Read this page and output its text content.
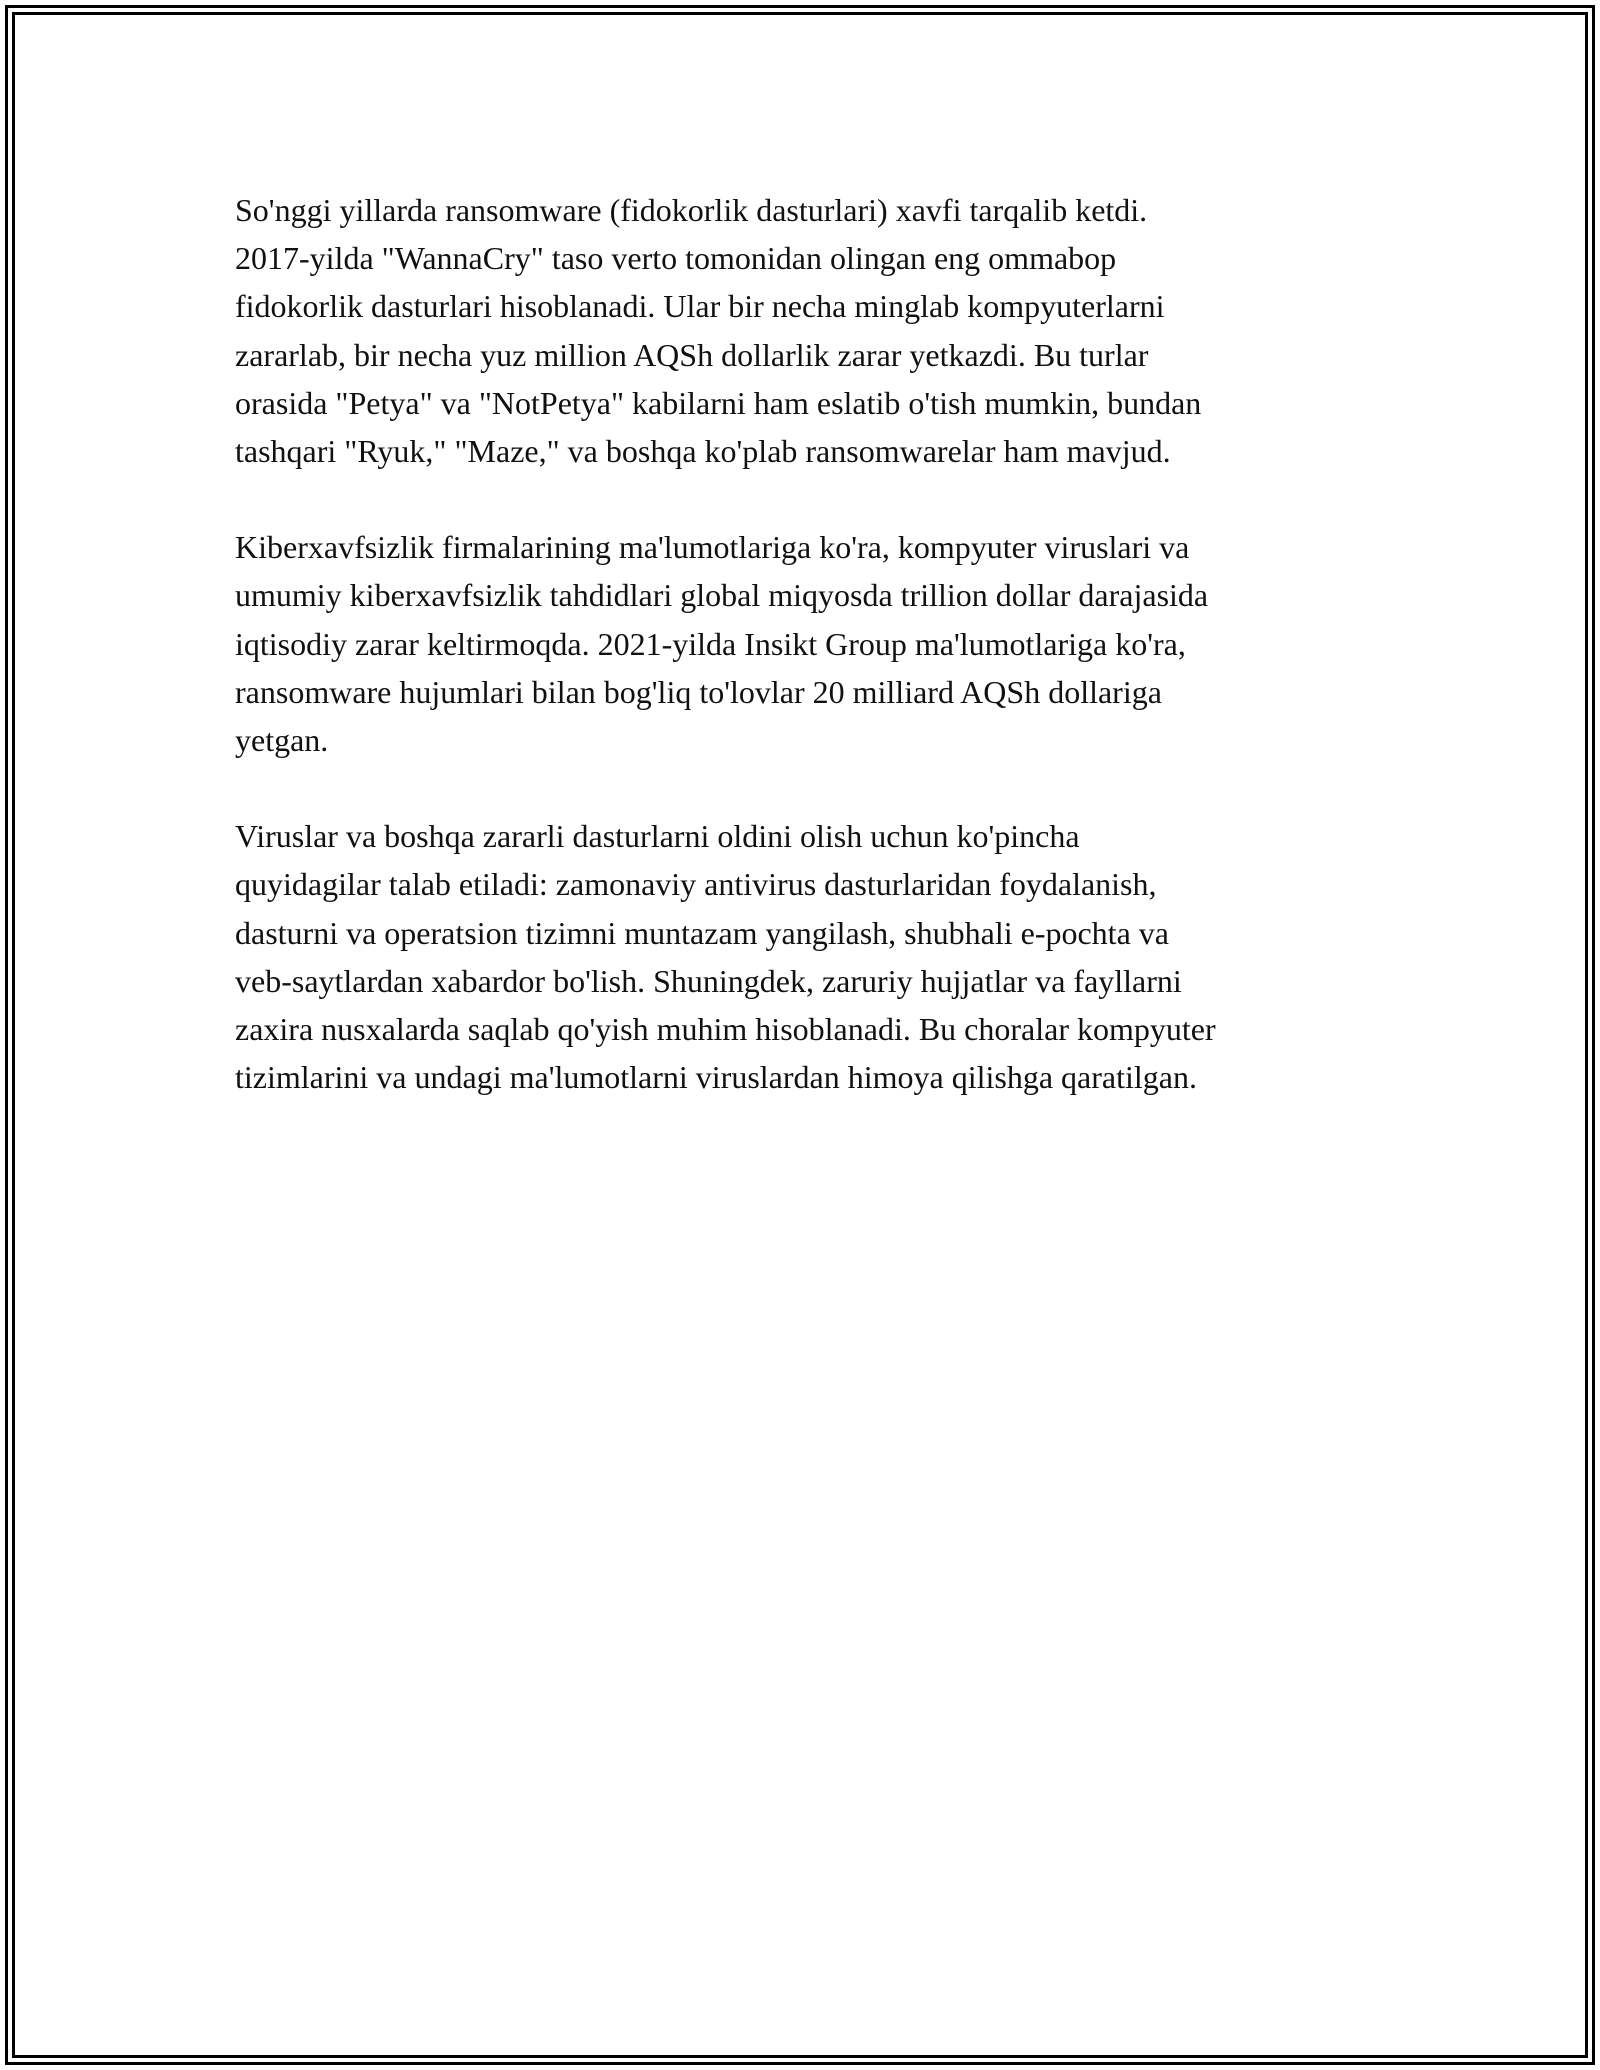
So'nggi yillarda ransomware (fidokorlik dasturlari) xavfi tarqalib ketdi.
2017-yilda "WannaCry" taso verto tomonidan olingan eng ommabop
fidokorlik dasturlari hisoblanadi. Ular bir necha minglab kompyuterlarni
zararlab, bir necha yuz million AQSh dollarlik zarar yetkazdi. Bu turlar
orasida "Petya" va "NotPetya" kabilarni ham eslatib o'tish mumkin, bundan
tashqari "Ryuk," "Maze," va boshqa ko'plab ransomwarelar ham mavjud.

Kiberxavfsizlik firmalarining ma'lumotlariga ko'ra, kompyuter viruslari va
umumiy kiberxavfsizlik tahdidlari global miqyosda trillion dollar darajasida
iqtisodiy zarar keltirmoqda. 2021-yilda Insikt Group ma'lumotlariga ko'ra,
ransomware hujumlari bilan bog'liq to'lovlar 20 milliard AQSh dollariga
yetgan.

Viruslar va boshqa zararli dasturlarni oldini olish uchun ko'pincha
quyidagilar talab etiladi: zamonaviy antivirus dasturlaridan foydalanish,
dasturni va operatsion tizimni muntazam yangilash, shubhali e-pochta va
veb-saytlardan xabardor bo'lish. Shuningdek, zaruriy hujjatlar va fayllarni
zaxira nusxalarda saqlab qo'yish muhim hisoblanadi. Bu choralar kompyuter
tizimlarini va undagi ma'lumotlarni viruslardan himoya qilishga qaratilgan.
